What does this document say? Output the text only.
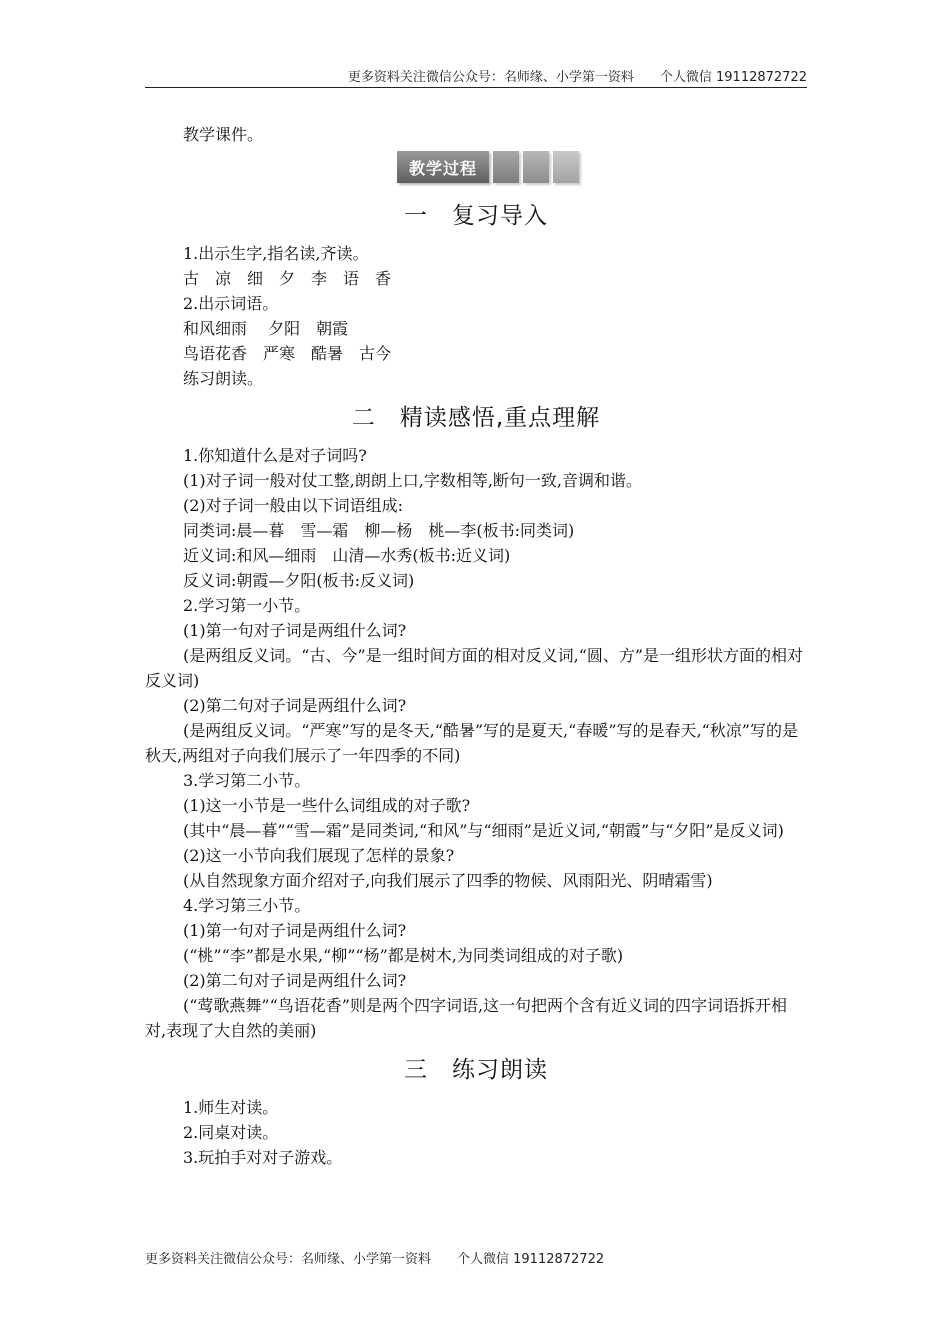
更多资料关注微信公众号：名师缘、小学第一资料　　个人微信 19112872722

教学课件。

教学过程
一　复习导入

1.出示生字,指名读,齐读。

古　凉　细　夕　李　语　香

2.出示词语。

和风细雨　 夕阳　朝霞

鸟语花香　严寒　酷暑　古今

练习朗读。

二　精读感悟,重点理解

1.你知道什么是对子词吗?

(1)对子词一般对仗工整,朗朗上口,字数相等,断句一致,音调和谐。

(2)对子词一般由以下词语组成:

同类词:晨—暮　雪—霜　柳—杨　桃—李(板书:同类词)

近义词:和风—细雨　山清—水秀(板书:近义词)

反义词:朝霞—夕阳(板书:反义词)

2.学习第一小节。

(1)第一句对子词是两组什么词?

(是两组反义词。“古、今”是一组时间方面的相对反义词,“圆、方”是一组形状方面的相对反义词)

(2)第二句对子词是两组什么词?

(是两组反义词。“严寒”写的是冬天,“酷暑”写的是夏天,“春暖”写的是春天,“秋凉”写的是秋天,两组对子向我们展示了一年四季的不同)

3.学习第二小节。

(1)这一小节是一些什么词组成的对子歌?

(其中“晨—暮”“雪—霜”是同类词,“和风”与“细雨”是近义词,“朝霞”与“夕阳”是反义词)

(2)这一小节向我们展现了怎样的景象?

(从自然现象方面介绍对子,向我们展示了四季的物候、风雨阳光、阴晴霜雪)

4.学习第三小节。

(1)第一句对子词是两组什么词?

(“桃”“李”都是水果,“柳”“杨”都是树木,为同类词组成的对子歌)

(2)第二句对子词是两组什么词?

(“莺歌燕舞”“鸟语花香”则是两个四字词语,这一句把两个含有近义词的四字词语拆开相对,表现了大自然的美丽)

三　练习朗读

1.师生对读。

2.同桌对读。

3.玩拍手对对子游戏。

更多资料关注微信公众号：名师缘、小学第一资料　　个人微信 19112872722
